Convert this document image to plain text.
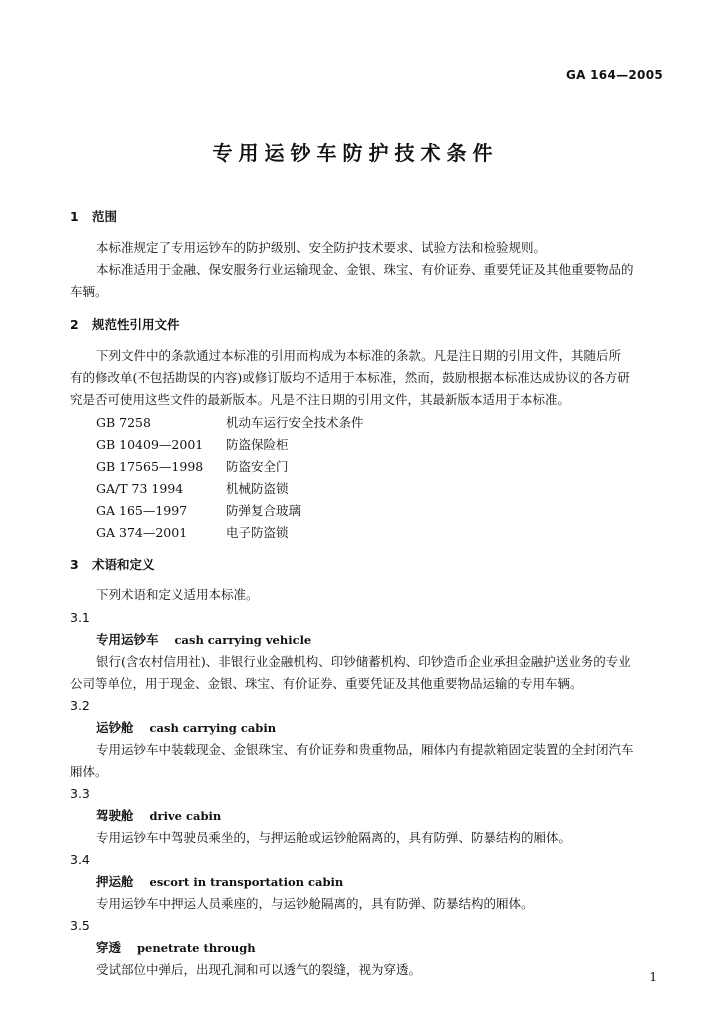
GA 164—2005
专用运钞车防护技术条件
1 范围
本标准规定了专用运钞车的防护级别、安全防护技术要求、试验方法和检验规则。
本标准适用于金融、保安服务行业运输现金、金银、珠宝、有价证券、重要凭证及其他重要物品的
车辆。
2 规范性引用文件
下列文件中的条款通过本标准的引用而构成为本标准的条款。凡是注日期的引用文件，其随后所
有的修改单(不包括勘误的内容)或修订版均不适用于本标准，然而，鼓励根据本标准达成协议的各方研
究是否可使用这些文件的最新版本。凡是不注日期的引用文件，其最新版本适用于本标准。
GB 7258	机动车运行安全技术条件
GB 10409—2001 防盗保险柜
GB 17565—1998 防盗安全门
GA/T 73 1994	机械防盗锁
GA 165—1997	防弹复合玻璃
GA 374—2001	电子防盗锁
3 术语和定义
下列术语和定义适用本标准。
3.1
专用运钞车 cash carrying vehicle
银行(含农村信用社)、非银行业金融机构、印钞储蓄机构、印钞造币企业承担金融护送业务的专业
公司等单位，用于现金、金银、珠宝、有价证券、重要凭证及其他重要物品运输的专用车辆。
3.2
运钞舱 cash carrying cabin
专用运钞车中装载现金、金银珠宝、有价证券和贵重物品，厢体内有提款箱固定装置的全封闭汽车
厢体。
3.3
驾驶舱 drive cabin
专用运钞车中驾驶员乘坐的，与押运舱或运钞舱隔离的，具有防弹、防暴结构的厢体。
3.4
押运舱 escort in transportation cabin
专用运钞车中押运人员乘座的，与运钞舱隔离的，具有防弹、防暴结构的厢体。
3.5
穿透 penetrate through
受试部位中弹后，出现孔洞和可以透气的裂缝，视为穿透。	1
